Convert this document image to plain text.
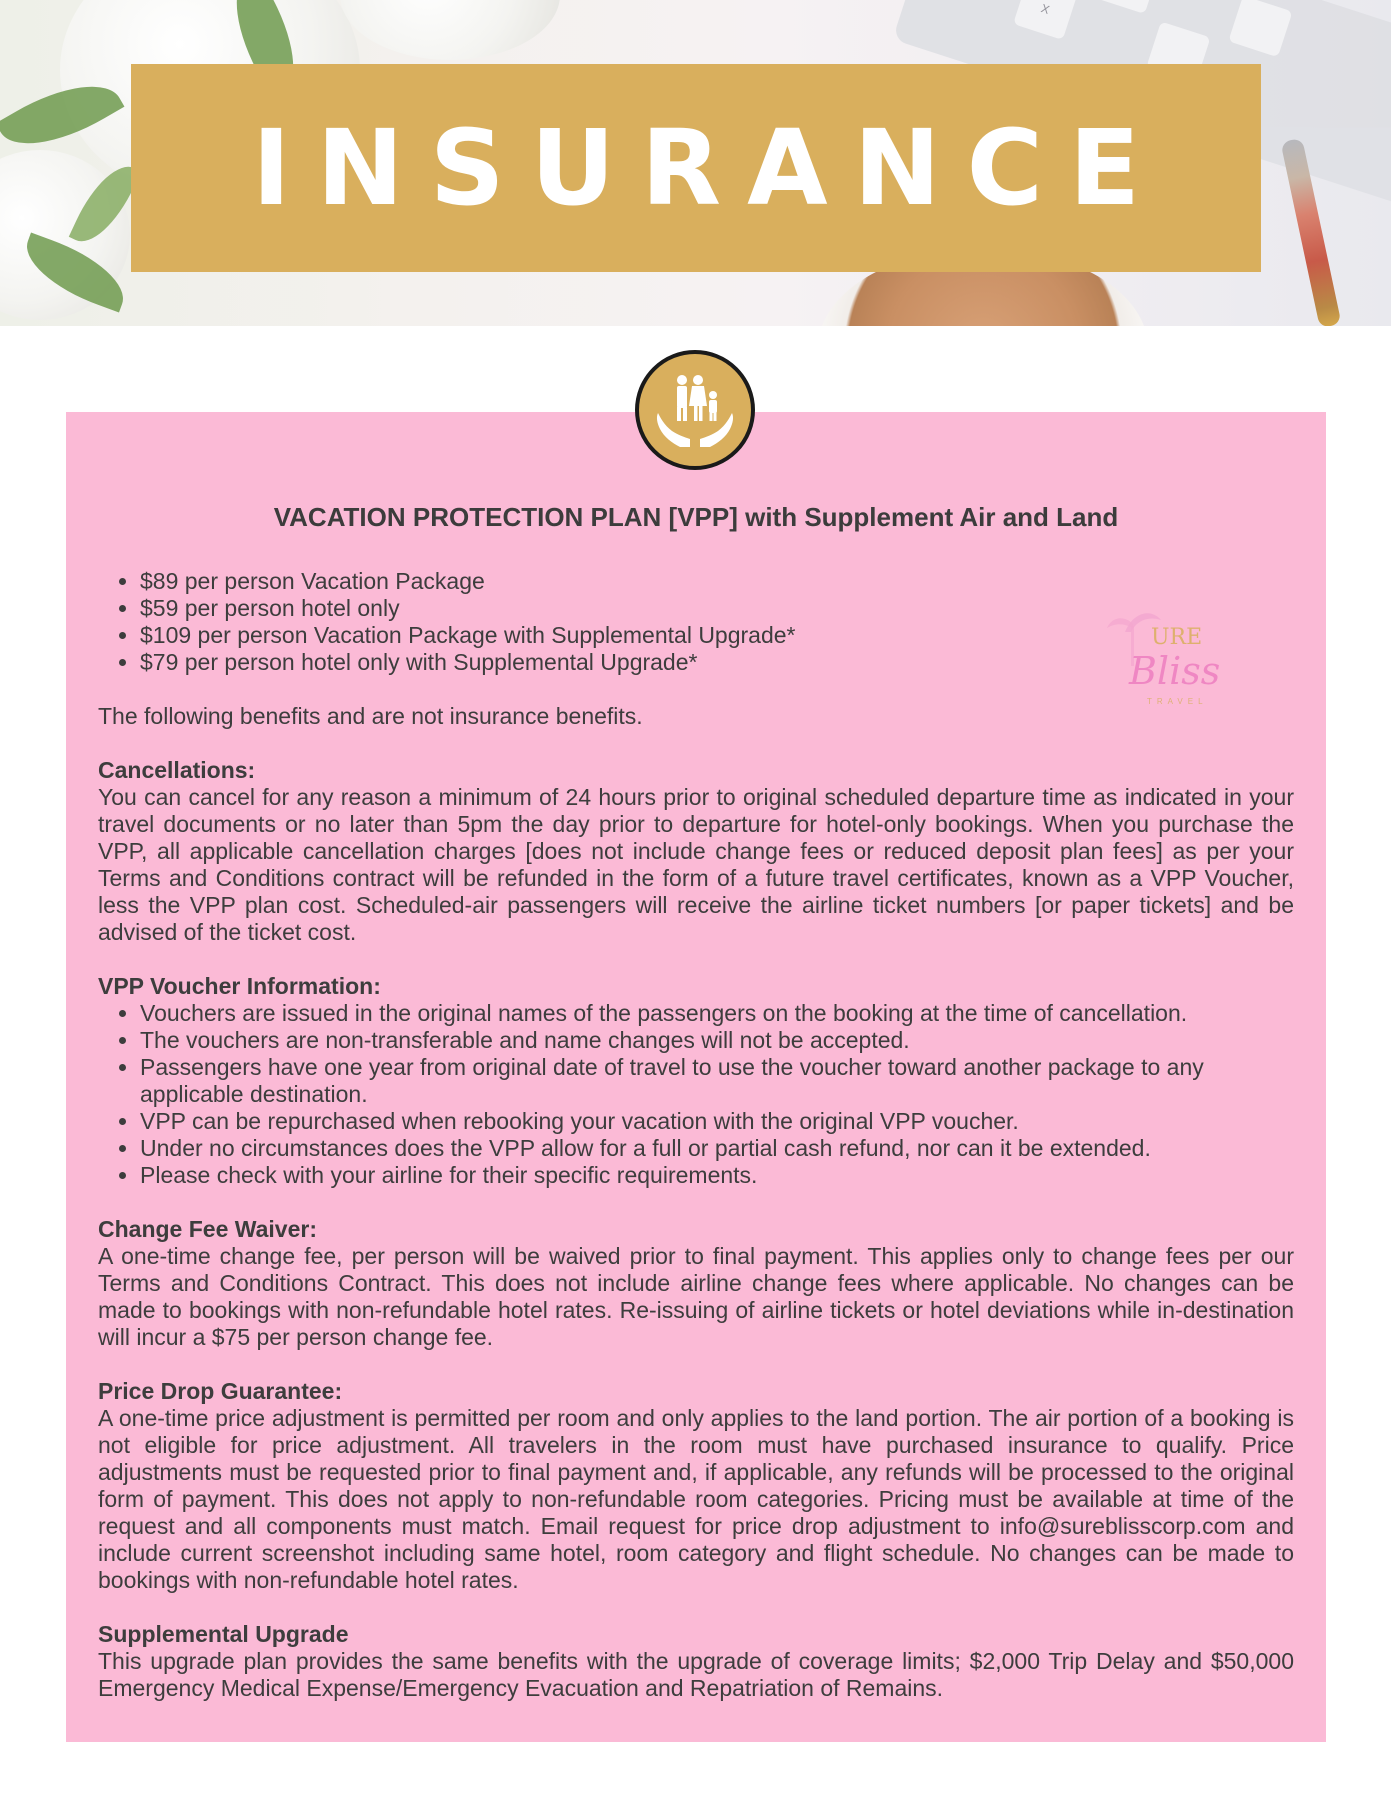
X
INSURANCE
URE
Bliss
TRAVEL
VACATION PROTECTION PLAN [VPP] with Supplement Air and Land
• $89 per person Vacation Package
• $59 per person hotel only
• $109 per person Vacation Package with Supplemental Upgrade*
• $79 per person hotel only with Supplemental Upgrade*

The following benefits and are not insurance benefits.

Cancellations:

You can cancel for any reason a minimum of 24 hours prior to original scheduled departure time as indicated in your travel documents or no later than 5pm the day prior to departure for hotel-only bookings. When you purchase the VPP, all applicable cancellation charges [does not include change fees or reduced deposit plan fees] as per your Terms and Conditions contract will be refunded in the form of a future travel certificates, known as a VPP Voucher, less the VPP plan cost. Scheduled-air passengers will receive the airline ticket numbers [or paper tickets] and be advised of the ticket cost.

VPP Voucher Information:

• Vouchers are issued in the original names of the passengers on the booking at the time of cancellation.
• The vouchers are non-transferable and name changes will not be accepted.
• Passengers have one year from original date of travel to use the voucher toward another package to any applicable destination.
• VPP can be repurchased when rebooking your vacation with the original VPP voucher.
• Under no circumstances does the VPP allow for a full or partial cash refund, nor can it be extended.
• Please check with your airline for their specific requirements.

Change Fee Waiver:

A one-time change fee, per person will be waived prior to final payment. This applies only to change fees per our Terms and Conditions Contract. This does not include airline change fees where applicable. No changes can be made to bookings with non-refundable hotel rates. Re-issuing of airline tickets or hotel deviations while in-destination will incur a $75 per person change fee.

Price Drop Guarantee:

A one-time price adjustment is permitted per room and only applies to the land portion. The air portion of a booking is not eligible for price adjustment. All travelers in the room must have purchased insurance to qualify. Price adjustments must be requested prior to final payment and, if applicable, any refunds will be processed to the original form of payment. This does not apply to non-refundable room categories. Pricing must be available at time of the request and all components must match. Email request for price drop adjustment to info@sureblisscorp.com and include current screenshot including same hotel, room category and flight schedule. No changes can be made to bookings with non-refundable hotel rates.

Supplemental Upgrade

This upgrade plan provides the same benefits with the upgrade of coverage limits; $2,000 Trip Delay and $50,000 Emergency Medical Expense/Emergency Evacuation and Repatriation of Remains.
